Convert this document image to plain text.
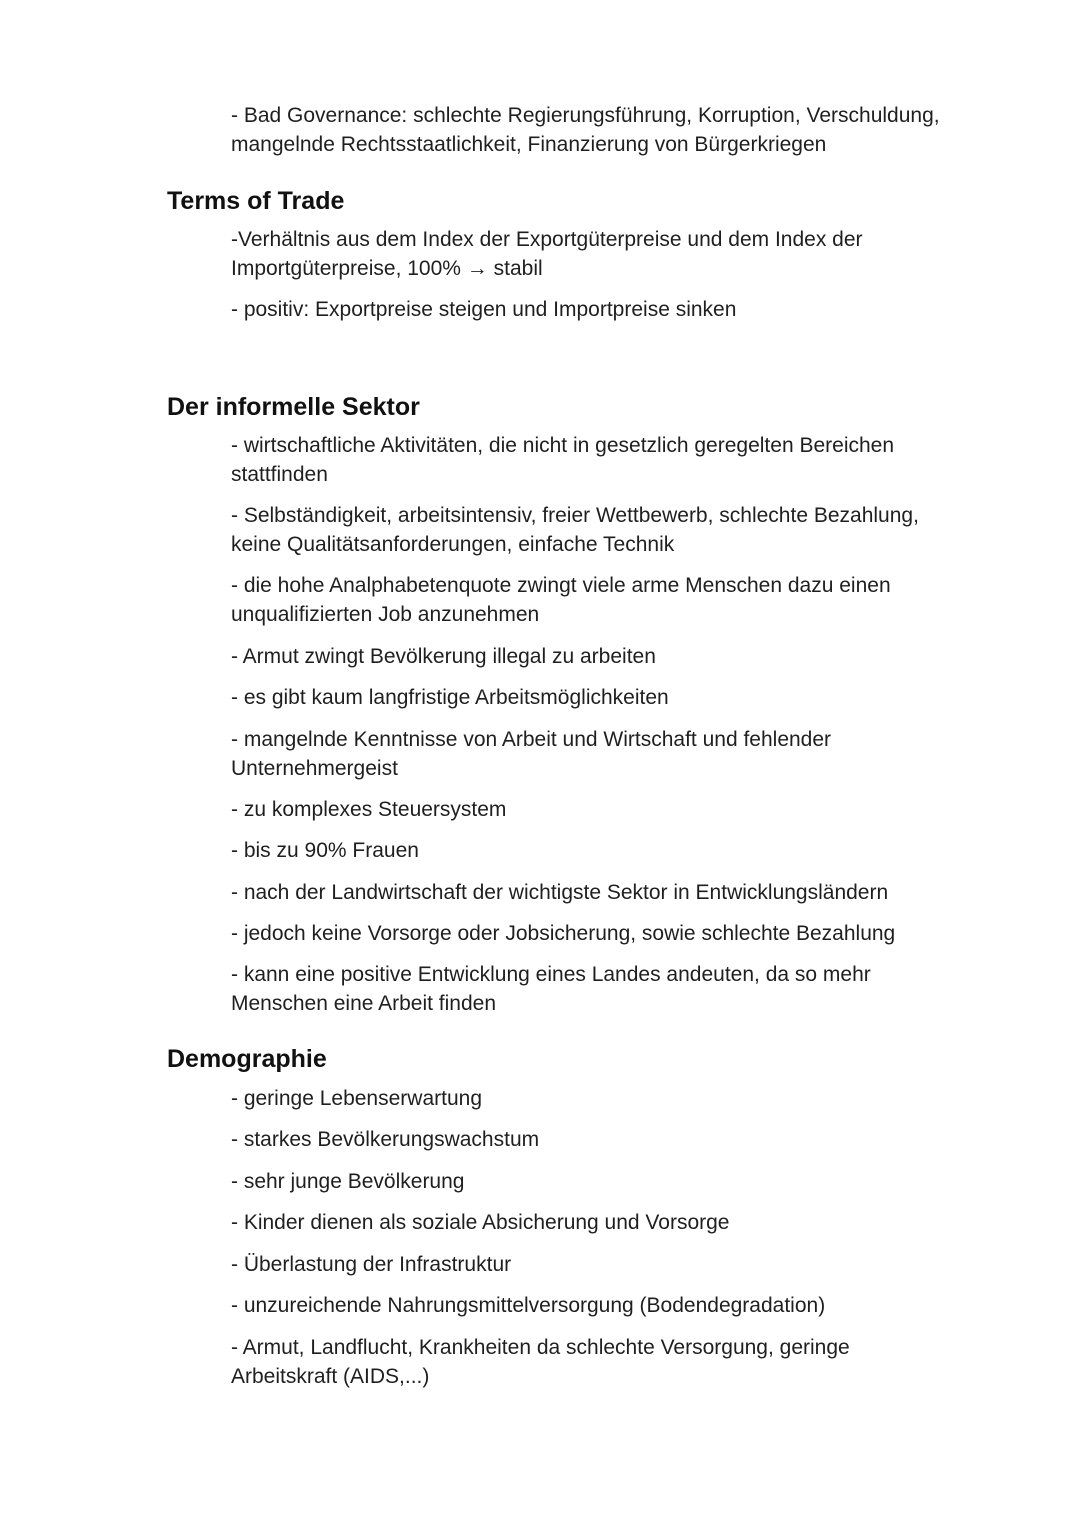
- Bad Governance: schlechte Regierungsführung, Korruption, Verschuldung, mangelnde Rechtsstaatlichkeit, Finanzierung von Bürgerkriegen

Terms of Trade

-Verhältnis aus dem Index der Exportgüterpreise und dem Index der Importgüterpreise, 100% → stabil

- positiv: Exportpreise steigen und Importpreise sinken

Der informelle Sektor

- wirtschaftliche Aktivitäten, die nicht in gesetzlich geregelten Bereichen stattfinden

- Selbständigkeit, arbeitsintensiv, freier Wettbewerb, schlechte Bezahlung, keine Qualitätsanforderungen, einfache Technik

- die hohe Analphabetenquote zwingt viele arme Menschen dazu einen unqualifizierten Job anzunehmen

- Armut zwingt Bevölkerung illegal zu arbeiten

- es gibt kaum langfristige Arbeitsmöglichkeiten

- mangelnde Kenntnisse von Arbeit und Wirtschaft und fehlender Unternehmergeist

- zu komplexes Steuersystem

- bis zu 90% Frauen

- nach der Landwirtschaft der wichtigste Sektor in Entwicklungsländern

- jedoch keine Vorsorge oder Jobsicherung, sowie schlechte Bezahlung

- kann eine positive Entwicklung eines Landes andeuten, da so mehr Menschen eine Arbeit finden

Demographie

- geringe Lebenserwartung

- starkes Bevölkerungswachstum

- sehr junge Bevölkerung

- Kinder dienen als soziale Absicherung und Vorsorge

- Überlastung der Infrastruktur

- unzureichende Nahrungsmittelversorgung (Bodendegradation)

- Armut, Landflucht, Krankheiten da schlechte Versorgung, geringe Arbeitskraft (AIDS,...)
